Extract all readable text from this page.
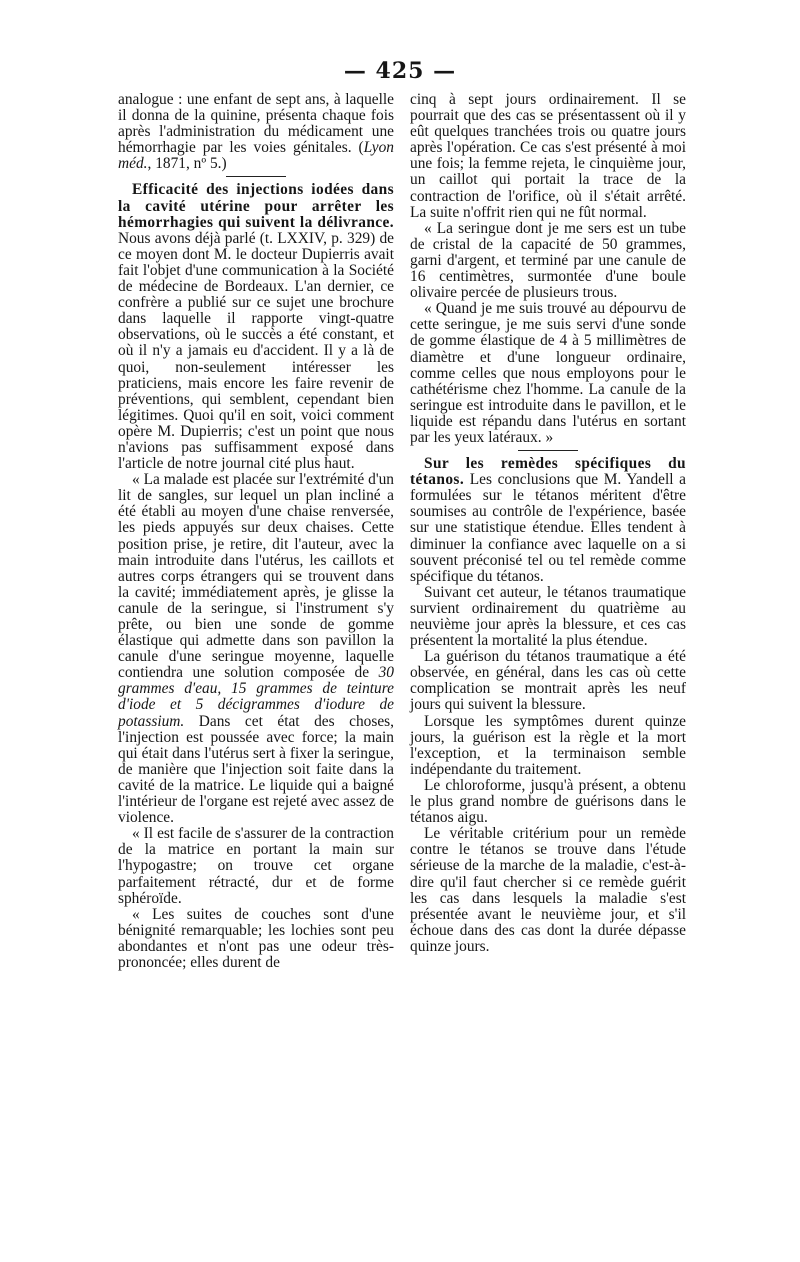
— 425 —

analogue : une enfant de sept ans, à laquelle il donna de la quinine, présenta chaque fois après l'administration du médicament une hémorrhagie par les voies génitales. (Lyon méd., 1871, nº 5.)

Efficacité des injections iodées dans la cavité utérine pour arrêter les hémorrhagies qui suivent la délivrance. Nous avons déjà parlé (t. LXXIV, p. 329) de ce moyen dont M. le docteur Dupierris avait fait l'objet d'une communication à la Société de médecine de Bordeaux. L'an dernier, ce confrère a publié sur ce sujet une brochure dans laquelle il rapporte vingt-quatre observations, où le succès a été constant, et où il n'y a jamais eu d'accident. Il y a là de quoi, non-seulement intéresser les praticiens, mais encore les faire revenir de préventions, qui semblent, cependant bien légitimes. Quoi qu'il en soit, voici comment opère M. Dupierris; c'est un point que nous n'avions pas suffisamment exposé dans l'article de notre journal cité plus haut.

« La malade est placée sur l'extrémité d'un lit de sangles, sur lequel un plan incliné a été établi au moyen d'une chaise renversée, les pieds appuyés sur deux chaises. Cette position prise, je retire, dit l'auteur, avec la main introduite dans l'utérus, les caillots et autres corps étrangers qui se trouvent dans la cavité; immédiatement après, je glisse la canule de la seringue, si l'instrument s'y prête, ou bien une sonde de gomme élastique qui admette dans son pavillon la canule d'une seringue moyenne, laquelle contiendra une solution composée de 30 grammes d'eau, 15 grammes de teinture d'iode et 5 décigrammes d'iodure de potassium. Dans cet état des choses, l'injection est poussée avec force; la main qui était dans l'utérus sert à fixer la seringue, de manière que l'injection soit faite dans la cavité de la matrice. Le liquide qui a baigné l'intérieur de l'organe est rejeté avec assez de violence.

« Il est facile de s'assurer de la contraction de la matrice en portant la main sur l'hypogastre; on trouve cet organe parfaitement rétracté, dur et de forme sphéroïde.

« Les suites de couches sont d'une bénignité remarquable; les lochies sont peu abondantes et n'ont pas une odeur très-prononcée; elles durent de

cinq à sept jours ordinairement. Il se pourrait que des cas se présentassent où il y eût quelques tranchées trois ou quatre jours après l'opération. Ce cas s'est présenté à moi une fois; la femme rejeta, le cinquième jour, un caillot qui portait la trace de la contraction de l'orifice, où il s'était arrêté. La suite n'offrit rien qui ne fût normal.

« La seringue dont je me sers est un tube de cristal de la capacité de 50 grammes, garni d'argent, et terminé par une canule de 16 centimètres, surmontée d'une boule olivaire percée de plusieurs trous.

« Quand je me suis trouvé au dépourvu de cette seringue, je me suis servi d'une sonde de gomme élastique de 4 à 5 millimètres de diamètre et d'une longueur ordinaire, comme celles que nous employons pour le cathétérisme chez l'homme. La canule de la seringue est introduite dans le pavillon, et le liquide est répandu dans l'utérus en sortant par les yeux latéraux. »

Sur les remèdes spécifiques du tétanos. Les conclusions que M. Yandell a formulées sur le tétanos méritent d'être soumises au contrôle de l'expérience, basée sur une statistique étendue. Elles tendent à diminuer la confiance avec laquelle on a si souvent préconisé tel ou tel remède comme spécifique du tétanos.

Suivant cet auteur, le tétanos traumatique survient ordinairement du quatrième au neuvième jour après la blessure, et ces cas présentent la mortalité la plus étendue.

La guérison du tétanos traumatique a été observée, en général, dans les cas où cette complication se montrait après les neuf jours qui suivent la blessure.

Lorsque les symptômes durent quinze jours, la guérison est la règle et la mort l'exception, et la terminaison semble indépendante du traitement.

Le chloroforme, jusqu'à présent, a obtenu le plus grand nombre de guérisons dans le tétanos aigu.

Le véritable critérium pour un remède contre le tétanos se trouve dans l'étude sérieuse de la marche de la maladie, c'est-à-dire qu'il faut chercher si ce remède guérit les cas dans lesquels la maladie s'est présentée avant le neuvième jour, et s'il échoue dans des cas dont la durée dépasse quinze jours.
